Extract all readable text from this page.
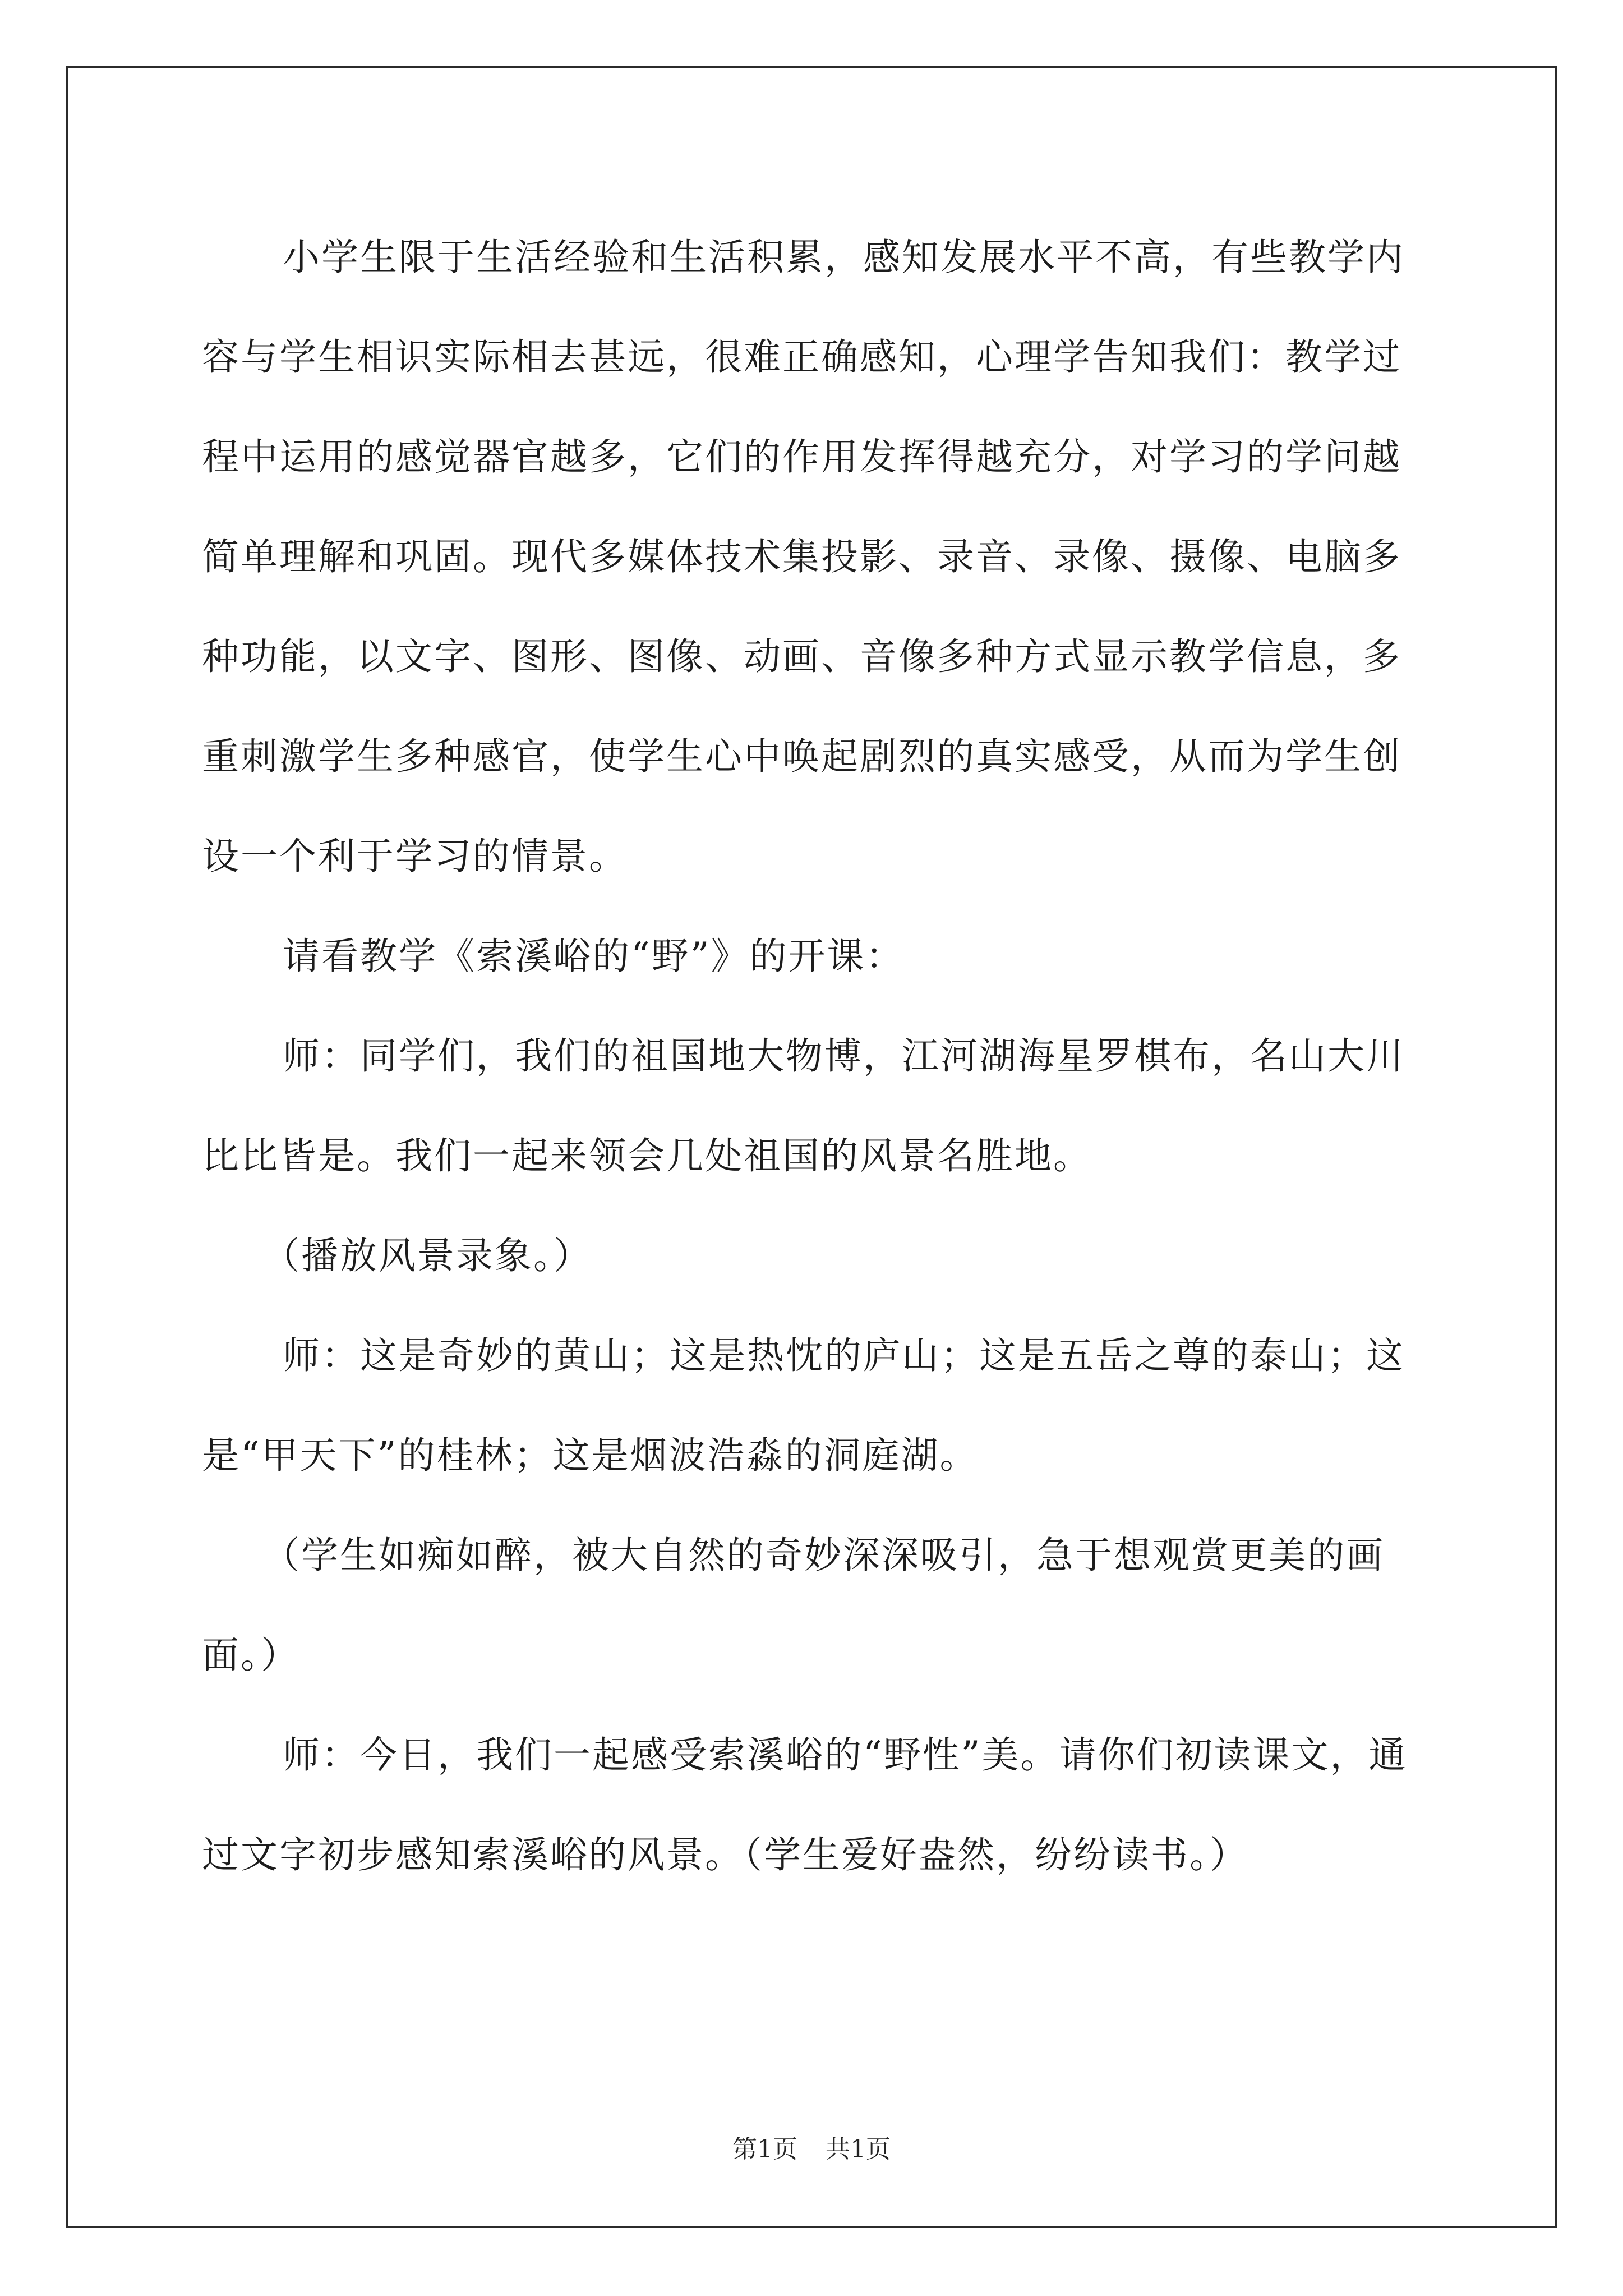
小学生限于生活经验和生活积累，感知发展水平不高，有些教学内容与学生相识实际相去甚远，很难正确感知，心理学告知我们：教学过程中运用的感觉器官越多，它们的作用发挥得越充分，对学习的学问越简单理解和巩固。现代多媒体技术集投影、录音、录像、摄像、电脑多种功能，以文字、图形、图像、动画、音像多种方式显示教学信息，多重刺激学生多种感官，使学生心中唤起剧烈的真实感受，从而为学生创设一个利于学习的情景。

请看教学《索溪峪的“野”》的开课：

师：同学们，我们的祖国地大物博，江河湖海星罗棋布，名山大川比比皆是。我们一起来领会几处祖国的风景名胜地。

（播放风景录象。）

师：这是奇妙的黄山；这是热忱的庐山；这是五岳之尊的泰山；这是“甲天下”的桂林；这是烟波浩淼的洞庭湖。

（学生如痴如醉，被大自然的奇妙深深吸引，急于想观赏更美的画面。）

师：今日，我们一起感受索溪峪的“野性”美。请你们初读课文，通过文字初步感知索溪峪的风景。（学生爱好盎然，纷纷读书。）

第1页 共1页
